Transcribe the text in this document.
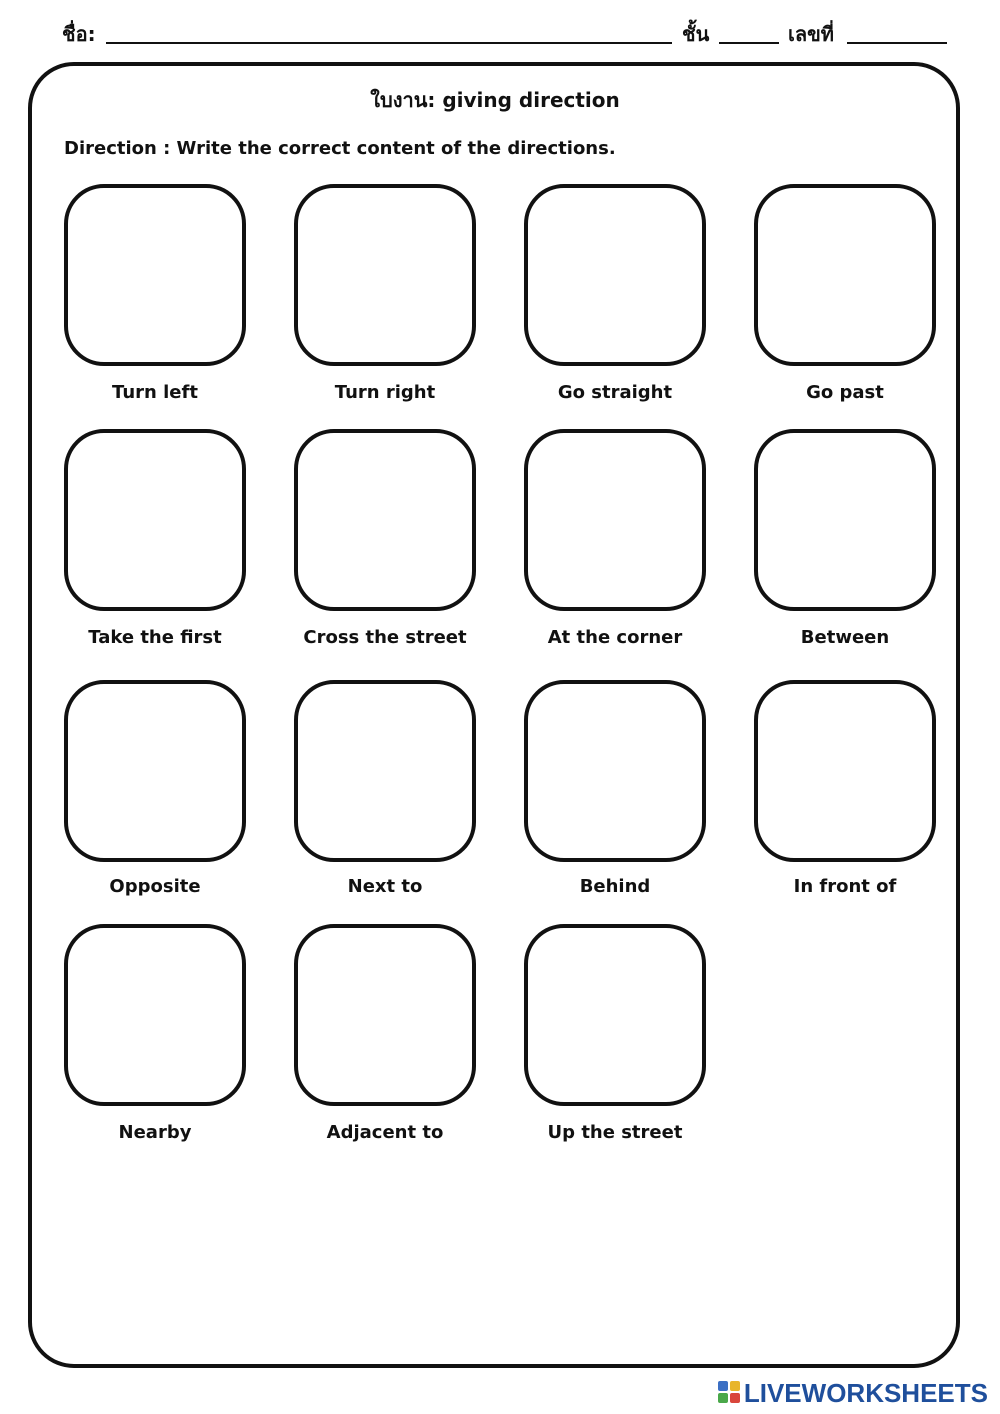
ชื่อ:	ชั้น	เลขที่
ใบงาน: giving direction
Direction : Write the correct content of the directions.
Turn left	Turn right	Go straight	Go past
Take the first	Cross the street	At the corner	Between
Opposite	Next to	Behind	In front of
Nearby	Adjacent to	Up the street
LIVEWORKSHEETS
